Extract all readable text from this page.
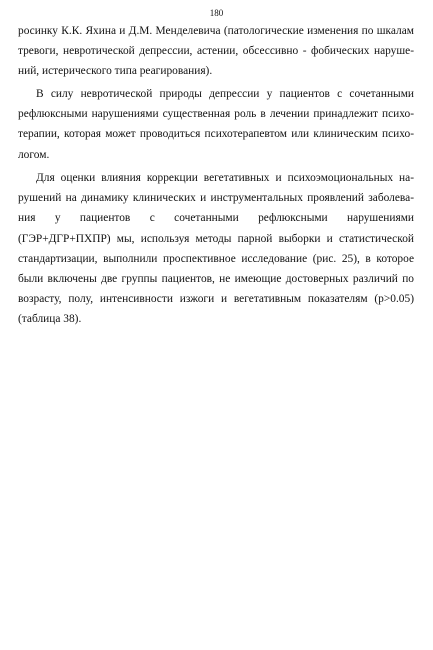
180
росинку К.К. Яхина и Д.М. Менделевича (патологические изменения по шкалам
тревоги, невротической депрессии, астении, обсессивно - фобических наруше-
ний, истерического типа реагирования).
В силу невротической природы депрессии у пациентов с сочетанными
рефлюксными нарушениями существенная роль в лечении принадлежит психо-
терапии, которая может проводиться психотерапевтом или клиническим психо-
логом.
Для оценки влияния коррекции вегетативных и психоэмоциональных на-
рушений на динамику клинических и инструментальных проявлений заболева-
ния у пациентов с сочетанными рефлюксными нарушениями
(ГЭР+ДГР+ПХПР) мы, используя методы парной выборки и статистической
стандартизации, выполнили проспективное исследование (рис. 25), в которое
были включены две группы пациентов, не имеющие достоверных различий по
возрасту, полу, интенсивности изжоги и вегетативным показателям (p>0.05)
(таблица 38).
